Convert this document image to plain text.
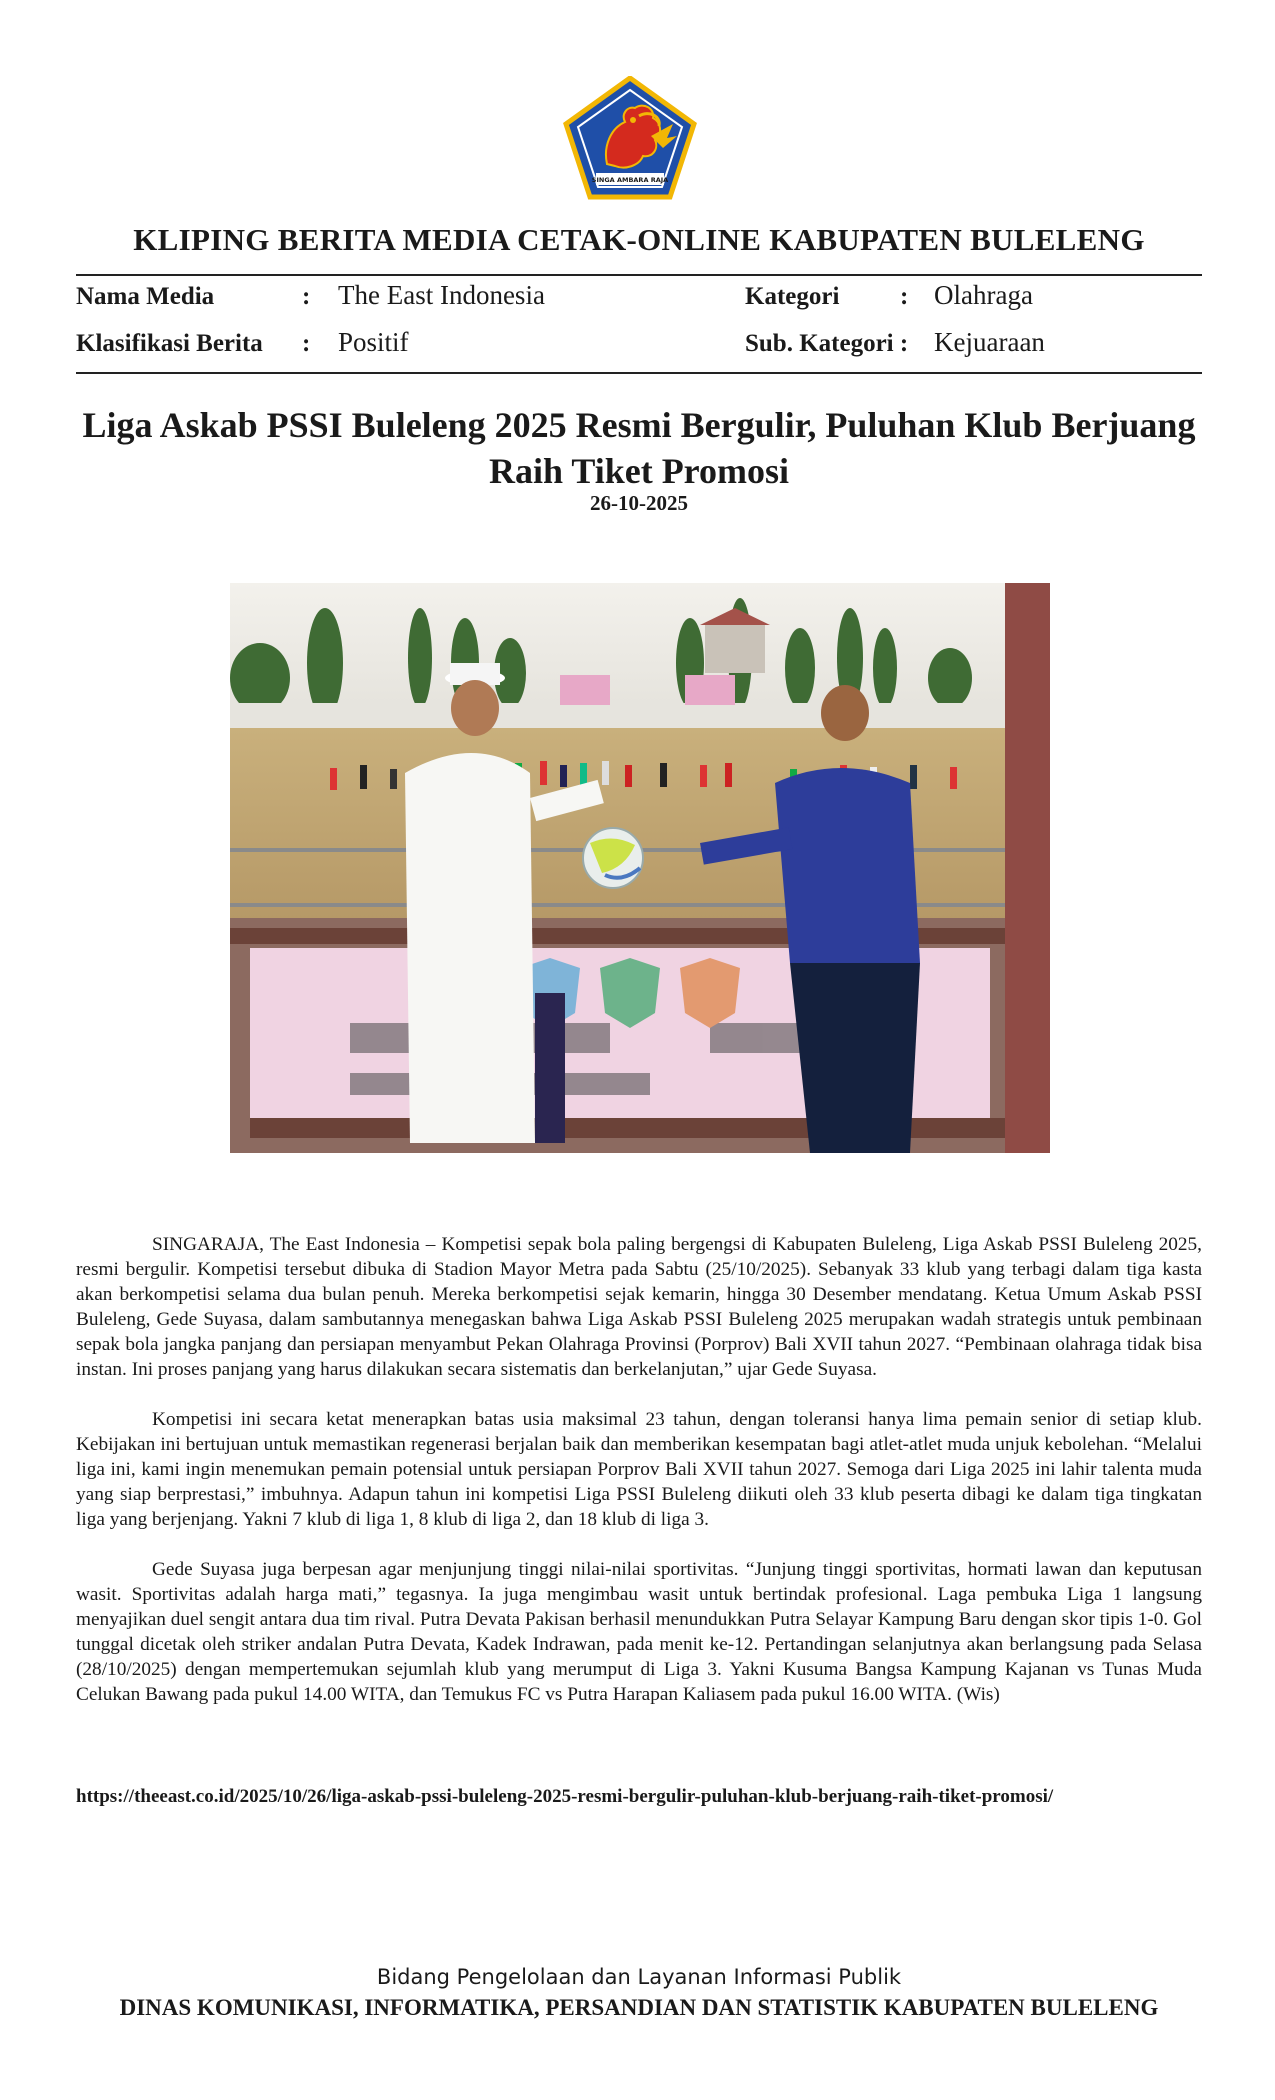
SINGA AMBARA RAJA
KLIPING BERITA MEDIA CETAK-ONLINE KABUPATEN BULELENG
Nama Media	: The East Indonesia	Kategori : Olahraga
Klasifikasi Berita : Positif	Sub. Kategori : Kejuaraan
Liga Askab PSSI Buleleng 2025 Resmi Bergulir, Puluhan Klub Berjuang Raih Tiket Promosi
26-10-2025

SINGARAJA, The East Indonesia – Kompetisi sepak bola paling bergengsi di Kabupaten Buleleng, Liga Askab PSSI Buleleng 2025, resmi bergulir. Kompetisi tersebut dibuka di Stadion Mayor Metra pada Sabtu (25/10/2025). Sebanyak 33 klub yang terbagi dalam tiga kasta akan berkompetisi selama dua bulan penuh. Mereka berkompetisi sejak kemarin, hingga 30 Desember mendatang. Ketua Umum Askab PSSI Buleleng, Gede Suyasa, dalam sambutannya menegaskan bahwa Liga Askab PSSI Buleleng 2025 merupakan wadah strategis untuk pembinaan sepak bola jangka panjang dan persiapan menyambut Pekan Olahraga Provinsi (Porprov) Bali XVII tahun 2027. “Pembinaan olahraga tidak bisa instan. Ini proses panjang yang harus dilakukan secara sistematis dan berkelanjutan,” ujar Gede Suyasa.

Kompetisi ini secara ketat menerapkan batas usia maksimal 23 tahun, dengan toleransi hanya lima pemain senior di setiap klub. Kebijakan ini bertujuan untuk memastikan regenerasi berjalan baik dan memberikan kesempatan bagi atlet-atlet muda unjuk kebolehan. “Melalui liga ini, kami ingin menemukan pemain potensial untuk persiapan Porprov Bali XVII tahun 2027. Semoga dari Liga 2025 ini lahir talenta muda yang siap berprestasi,” imbuhnya. Adapun tahun ini kompetisi Liga PSSI Buleleng diikuti oleh 33 klub peserta dibagi ke dalam tiga tingkatan liga yang berjenjang. Yakni 7 klub di liga 1, 8 klub di liga 2, dan 18 klub di liga 3.

Gede Suyasa juga berpesan agar menjunjung tinggi nilai-nilai sportivitas. “Junjung tinggi sportivitas, hormati lawan dan keputusan wasit. Sportivitas adalah harga mati,” tegasnya. Ia juga mengimbau wasit untuk bertindak profesional. Laga pembuka Liga 1 langsung menyajikan duel sengit antara dua tim rival. Putra Devata Pakisan berhasil menundukkan Putra Selayar Kampung Baru dengan skor tipis 1-0. Gol tunggal dicetak oleh striker andalan Putra Devata, Kadek Indrawan, pada menit ke-12. Pertandingan selanjutnya akan berlangsung pada Selasa (28/10/2025) dengan mempertemukan sejumlah klub yang merumput di Liga 3. Yakni Kusuma Bangsa Kampung Kajanan vs Tunas Muda Celukan Bawang pada pukul 14.00 WITA, dan Temukus FC vs Putra Harapan Kaliasem pada pukul 16.00 WITA. (Wis)

https://theeast.co.id/2025/10/26/liga-askab-pssi-buleleng-2025-resmi-bergulir-puluhan-klub-berjuang-raih-tiket-promosi/
Bidang Pengelolaan dan Layanan Informasi Publik
DINAS KOMUNIKASI, INFORMATIKA, PERSANDIAN DAN STATISTIK KABUPATEN BULELENG
